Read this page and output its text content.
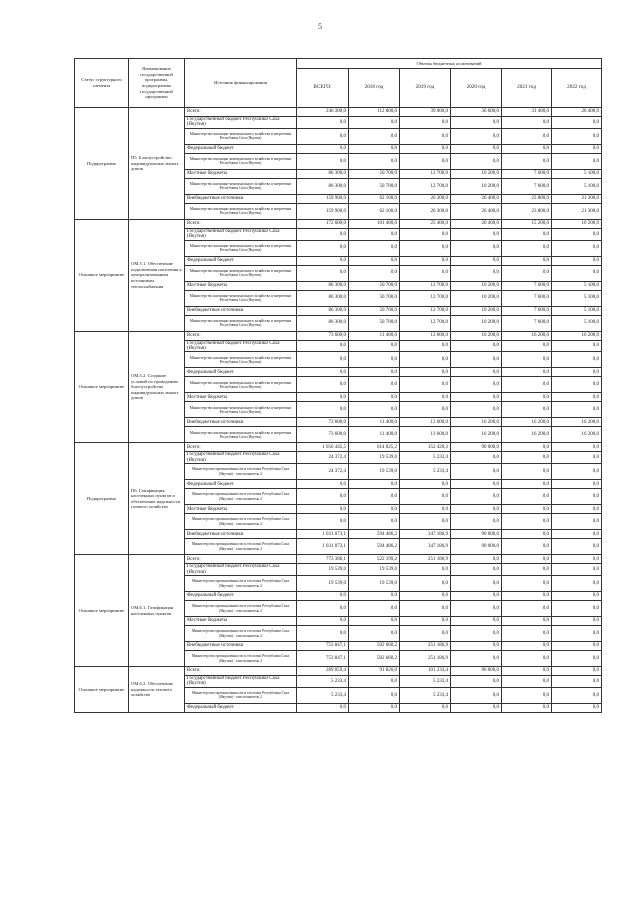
5
Статус структурного элемента	Наименование государственной программы, подпрограммы государственной программы	Источник финансирования	Объемы бюджетных ассигнований					
			ВСЕГО:	2018 год	2019 год	2020 год	2021 год	2022 год
Подпрограмма	П5. Благоустройство индивидуальных жилых домов	Всего:	246 300,0	112 800,0	39 000,0	36 600,0	31 400,0	26 400,0
		Государственный бюджет Республики Саха (Якутия)	0,0	0,0	0,0	0,0	0,0	0,0
		Министерство жилищно-коммунального хозяйства и энергетики Республики Саха (Якутия)	0,0	0,0	0,0	0,0	0,0	0,0
		Федеральный бюджет	0,0	0,0	0,0	0,0	0,0	0,0
		Министерство жилищно-коммунального хозяйства и энергетики Республики Саха (Якутия)	0,0	0,0	0,0	0,0	0,0	0,0
		Местные бюджеты	86 300,0	50 700,0	12 700,0	10 200,0	7 600,0	5 100,0
		Министерство жилищно-коммунального хозяйства и энергетики Республики Саха (Якутия)	86 300,0	50 700,0	12 700,0	10 200,0	7 600,0	5 100,0
		Внебюджетные источники	159 900,0	62 100,0	26 300,0	26 400,0	23 800,0	21 300,0
		Министерство жилищно-коммунального хозяйства и энергетики Республики Саха (Якутия)	159 900,0	62 100,0	26 300,0	26 400,0	23 800,0	21 300,0
Основное мероприятие	ОМ.5.1. Обеспечение подключения населения к централизованным источникам теплоснабжения	Всего:	172 600,0	101 400,0	25 400,0	20 400,0	15 200,0	10 200,0
		Государственный бюджет Республики Саха (Якутия)	0,0	0,0	0,0	0,0	0,0	0,0
		Министерство жилищно-коммунального хозяйства и энергетики Республики Саха (Якутия)	0,0	0,0	0,0	0,0	0,0	0,0
		Федеральный бюджет	0,0	0,0	0,0	0,0	0,0	0,0
		Министерство жилищно-коммунального хозяйства и энергетики Республики Саха (Якутия)	0,0	0,0	0,0	0,0	0,0	0,0
		Местные бюджеты	86 300,0	50 700,0	12 700,0	10 200,0	7 600,0	5 100,0
		Министерство жилищно-коммунального хозяйства и энергетики Республики Саха (Якутия)	86 300,0	50 700,0	12 700,0	10 200,0	7 600,0	5 100,0
		Внебюджетные источники	86 300,0	50 700,0	12 700,0	10 200,0	7 600,0	5 100,0
		Министерство жилищно-коммунального хозяйства и энергетики Республики Саха (Якутия)	86 300,0	50 700,0	12 700,0	10 200,0	7 600,0	5 100,0
Основное мероприятие	ОМ.5.2. Создание условий по проведению благоустройства индивидуальных жилых домов	Всего:	73 600,0	11 400,0	13 600,0	16 200,0	16 200,0	16 200,0
		Государственный бюджет Республики Саха (Якутия)	0,0	0,0	0,0	0,0	0,0	0,0
		Министерство жилищно-коммунального хозяйства и энергетики Республики Саха (Якутия)	0,0	0,0	0,0	0,0	0,0	0,0
		Федеральный бюджет	0,0	0,0	0,0	0,0	0,0	0,0
		Министерство жилищно-коммунального хозяйства и энергетики Республики Саха (Якутия)	0,0	0,0	0,0	0,0	0,0	0,0
		Местные бюджеты	0,0	0,0	0,0	0,0	0,0	0,0
		Министерство жилищно-коммунального хозяйства и энергетики Республики Саха (Якутия)	0,0	0,0	0,0	0,0	0,0	0,0
		Внебюджетные источники	73 600,0	11 400,0	13 600,0	16 200,0	16 200,0	16 200,0
		Министерство жилищно-коммунального хозяйства и энергетики Республики Саха (Якутия)	73 600,0	11 400,0	13 600,0	16 200,0	16 200,0	16 200,0
Подпрограмма	П6. Газификация населенных пунктов и обеспечение надежности газового хозяйства	Всего:	1 056 445,5	614 025,2	352 420,3	90 000,0	0,0	0,0
		Государственный бюджет Республики Саха (Якутия)	24 372,4	19 539,0	5 233,4	0,0	0,0	0,0
		Министерство промышленности и геологии Республики Саха (Якутия) - соисполнитель 2	24 372,4	19 539,0	5 233,4	0,0	0,0	0,0
		Федеральный бюджет	0,0	0,0	0,0	0,0	0,0	0,0
		Министерство промышленности и геологии Республики Саха (Якутия) - соисполнитель 2	0,0	0,0	0,0	0,0	0,0	0,0
		Местные бюджеты	0,0	0,0	0,0	0,0	0,0	0,0
		Министерство промышленности и геологии Республики Саха (Якутия) - соисполнитель 2	0,0	0,0	0,0	0,0	0,0	0,0
		Внебюджетные источники	1 031 073,1	594 486,2	347 186,9	90 000,0	0,0	0,0
		Министерство промышленности и геологии Республики Саха (Якутия) - соисполнитель 2	1 031 073,1	594 486,2	347 186,9	90 000,0	0,0	0,0
Основное мероприятие	ОМ.6.1. Газификация населенных пунктов	Всего:	773 386,1	522 199,2	251 186,9	0,0	0,0	0,0
		Государственный бюджет Республики Саха (Якутия)	19 539,0	19 539,0	0,0	0,0	0,0	0,0
		Министерство промышленности и геологии Республики Саха (Якутия) - соисполнитель 2	19 539,0	19 539,0	0,0	0,0	0,0	0,0
		Федеральный бюджет	0,0	0,0	0,0	0,0	0,0	0,0
		Министерство промышленности и геологии Республики Саха (Якутия) - соисполнитель 2	0,0	0,0	0,0	0,0	0,0	0,0
		Местные бюджеты	0,0	0,0	0,0	0,0	0,0	0,0
		Министерство промышленности и геологии Республики Саха (Якутия) - соисполнитель 2	0,0	0,0	0,0	0,0	0,0	0,0
		Внебюджетные источники	753 847,1	502 660,2	251 186,9	0,0	0,0	0,0
		Министерство промышленности и геологии Республики Саха (Якутия) - соисполнитель 2	753 847,1	502 660,2	251 186,9	0,0	0,0	0,0
Основное мероприятие	ОМ.6.2. Обеспечение надежности газового хозяйства	Всего:	289 059,4	91 826,0	101 233,4	96 000,0	0,0	0,0
		Государственный бюджет Республики Саха (Якутия)	5 233,4	0,0	5 233,4	0,0	0,0	0,0
		Министерство промышленности и геологии Республики Саха (Якутия) - соисполнитель 2	5 233,4	0,0	5 233,4	0,0	0,0	0,0
		Федеральный бюджет	0,0	0,0	0,0	0,0	0,0	0,0
